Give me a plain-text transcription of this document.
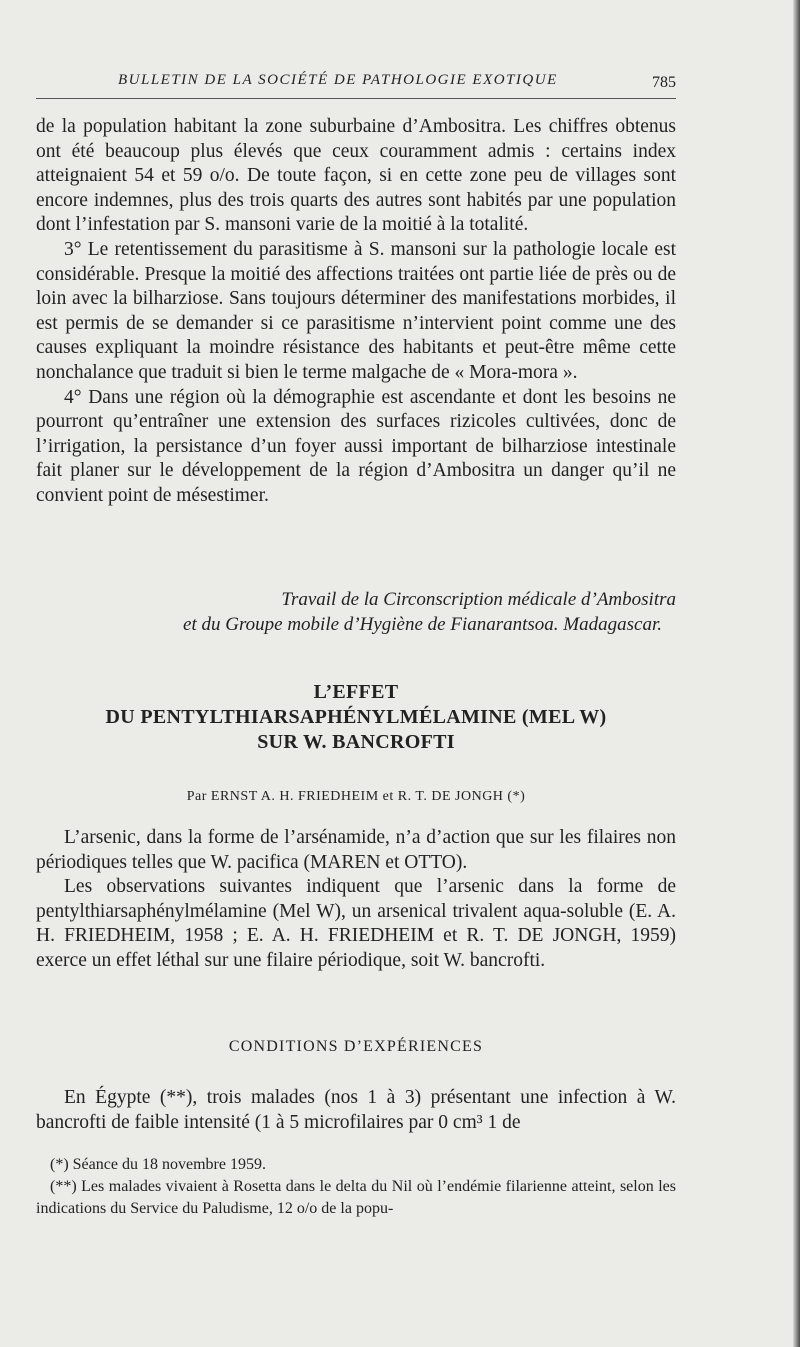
BULLETIN DE LA SOCIÉTÉ DE PATHOLOGIE EXOTIQUE	785

de la population habitant la zone suburbaine d’Ambositra. Les chiffres obtenus ont été beaucoup plus élevés que ceux couramment admis : certains index atteignaient 54 et 59 o/o. De toute façon, si en cette zone peu de villages sont encore indemnes, plus des trois quarts des autres sont habités par une population dont l’infestation par S. mansoni varie de la moitié à la totalité.

3° Le retentissement du parasitisme à S. mansoni sur la pathologie locale est considérable. Presque la moitié des affections traitées ont partie liée de près ou de loin avec la bilharziose. Sans toujours déterminer des manifestations morbides, il est permis de se demander si ce parasitisme n’intervient point comme une des causes expliquant la moindre résistance des habitants et peut-être même cette nonchalance que traduit si bien le terme malgache de « Mora-mora ».

4° Dans une région où la démographie est ascendante et dont les besoins ne pourront qu’entraîner une extension des surfaces rizicoles cultivées, donc de l’irrigation, la persistance d’un foyer aussi important de bilharziose intestinale fait planer sur le développement de la région d’Ambositra un danger qu’il ne convient point de mésestimer.

Travail de la Circonscription médicale d’Ambositra
et du Groupe mobile d’Hygiène de Fianarantsoa. Madagascar.
L’EFFET
DU PENTYLTHIARSAPHÉNYLMÉLAMINE (MEL W)
SUR W. BANCROFTI
Par ERNST A. H. FRIEDHEIM et R. T. DE JONGH (*)

L’arsenic, dans la forme de l’arsénamide, n’a d’action que sur les filaires non périodiques telles que W. pacifica (MAREN et OTTO).

Les observations suivantes indiquent que l’arsenic dans la forme de pentylthiarsaphénylmélamine (Mel W), un arsenical trivalent aqua-soluble (E. A. H. FRIEDHEIM, 1958 ; E. A. H. FRIEDHEIM et R. T. DE JONGH, 1959) exerce un effet léthal sur une filaire périodique, soit W. bancrofti.

CONDITIONS D’EXPÉRIENCES

En Égypte (**), trois malades (nos 1 à 3) présentant une infection à W. bancrofti de faible intensité (1 à 5 microfilaires par 0 cm³ 1 de

(*) Séance du 18 novembre 1959.

(**) Les malades vivaient à Rosetta dans le delta du Nil où l’endémie filarienne atteint, selon les indications du Service du Paludisme, 12 o/o de la popu-
